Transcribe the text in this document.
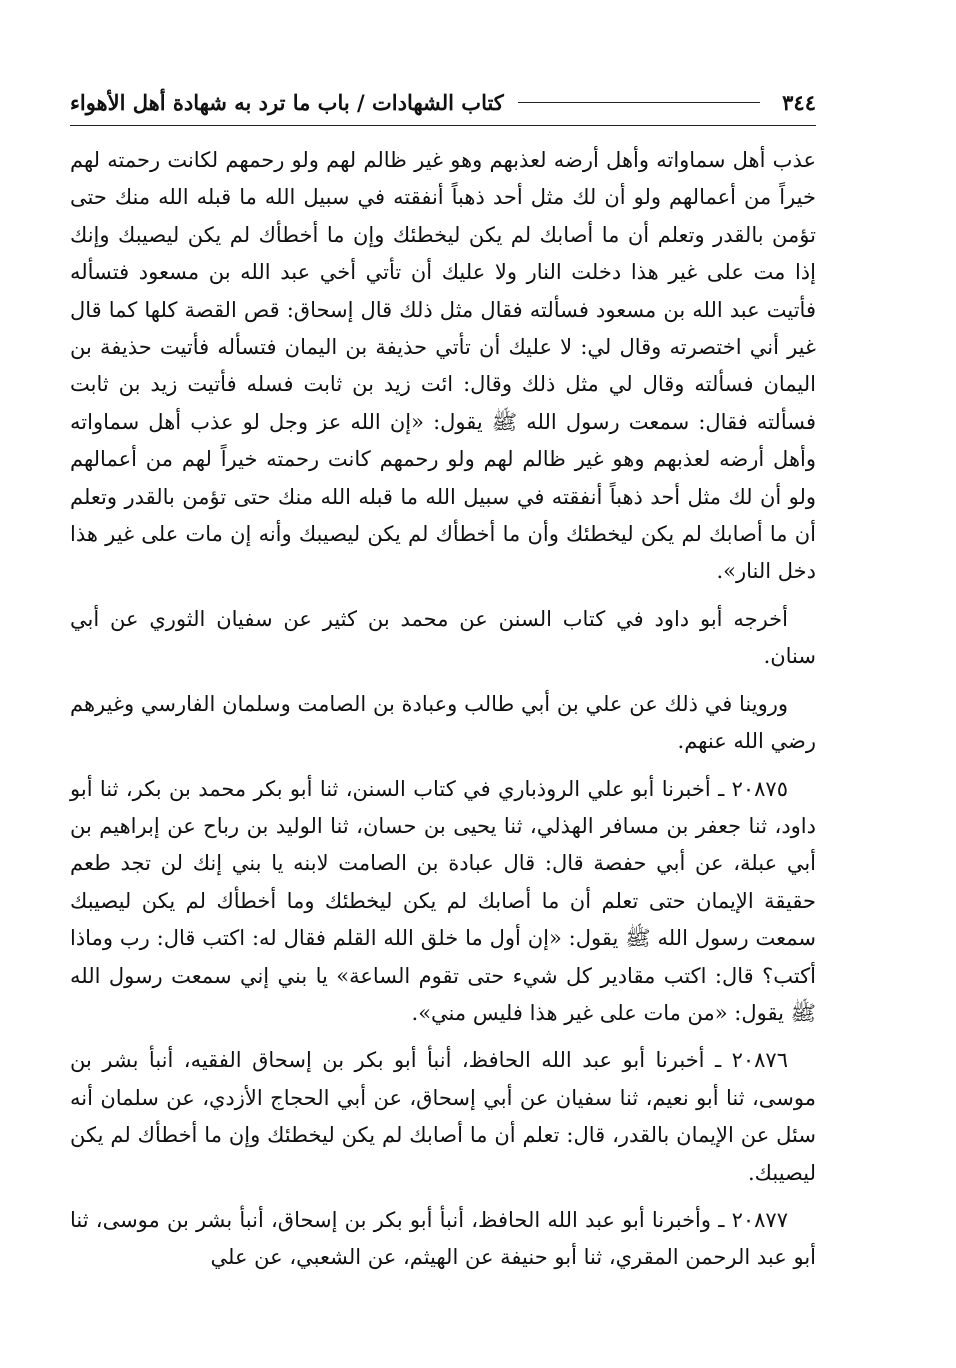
٣٤٤
كتاب الشهادات / باب ما ترد به شهادة أهل الأهواء

عذب أهل سماواته وأهل أرضه لعذبهم وهو غير ظالم لهم ولو رحمهم لكانت رحمته لهم خيراً من أعمالهم ولو أن لك مثل أحد ذهباً أنفقته في سبيل الله ما قبله الله منك حتى تؤمن بالقدر وتعلم أن ما أصابك لم يكن ليخطئك وإن ما أخطأك لم يكن ليصيبك وإنك إذا مت على غير هذا دخلت النار ولا عليك أن تأتي أخي عبد الله بن مسعود فتسأله فأتيت عبد الله بن مسعود فسألته فقال مثل ذلك قال إسحاق: قص القصة كلها كما قال غير أني اختصرته وقال لي: لا عليك أن تأتي حذيفة بن اليمان فتسأله فأتيت حذيفة بن اليمان فسألته وقال لي مثل ذلك وقال: ائت زيد بن ثابت فسله فأتيت زيد بن ثابت فسألته فقال: سمعت رسول الله ﷺ يقول: «إن الله عز وجل لو عذب أهل سماواته وأهل أرضه لعذبهم وهو غير ظالم لهم ولو رحمهم كانت رحمته خيراً لهم من أعمالهم ولو أن لك مثل أحد ذهباً أنفقته في سبيل الله ما قبله الله منك حتى تؤمن بالقدر وتعلم أن ما أصابك لم يكن ليخطئك وأن ما أخطأك لم يكن ليصيبك وأنه إن مات على غير هذا دخل النار».

أخرجه أبو داود في كتاب السنن عن محمد بن كثير عن سفيان الثوري عن أبي سنان.

وروينا في ذلك عن علي بن أبي طالب وعبادة بن الصامت وسلمان الفارسي وغيرهم رضي الله عنهم.

٢٠٨٧٥ ـ أخبرنا أبو علي الروذباري في كتاب السنن، ثنا أبو بكر محمد بن بكر، ثنا أبو داود، ثنا جعفر بن مسافر الهذلي، ثنا يحيى بن حسان، ثنا الوليد بن رباح عن إبراهيم بن أبي عبلة، عن أبي حفصة قال: قال عبادة بن الصامت لابنه يا بني إنك لن تجد طعم حقيقة الإيمان حتى تعلم أن ما أصابك لم يكن ليخطئك وما أخطأك لم يكن ليصيبك سمعت رسول الله ﷺ يقول: «إن أول ما خلق الله القلم فقال له: اكتب قال: رب وماذا أكتب؟ قال: اكتب مقادير كل شيء حتى تقوم الساعة» يا بني إني سمعت رسول الله ﷺ يقول: «من مات على غير هذا فليس مني».

٢٠٨٧٦ ـ أخبرنا أبو عبد الله الحافظ، أنبأ أبو بكر بن إسحاق الفقيه، أنبأ بشر بن موسى، ثنا أبو نعيم، ثنا سفيان عن أبي إسحاق، عن أبي الحجاج الأزدي، عن سلمان أنه سئل عن الإيمان بالقدر، قال: تعلم أن ما أصابك لم يكن ليخطئك وإن ما أخطأك لم يكن ليصيبك.

٢٠٨٧٧ ـ وأخبرنا أبو عبد الله الحافظ، أنبأ أبو بكر بن إسحاق، أنبأ بشر بن موسى، ثنا أبو عبد الرحمن المقري، ثنا أبو حنيفة عن الهيثم، عن الشعبي، عن علي
